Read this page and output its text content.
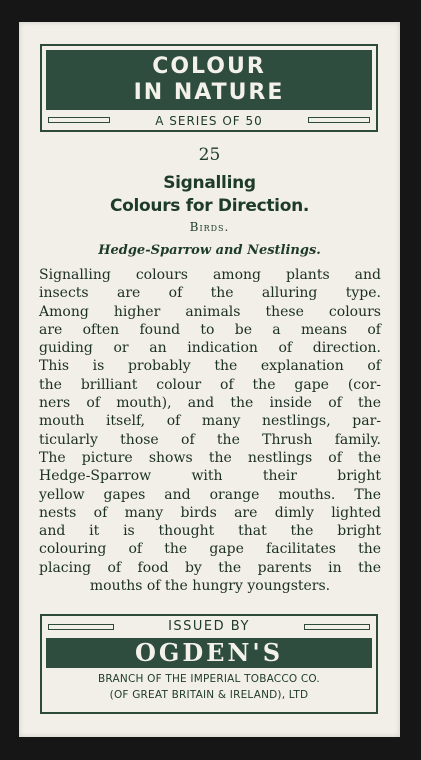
COLOUR
IN NATURE
A SERIES OF 50
25
Signalling
Colours for Direction.
Birds.
Hedge-Sparrow and Nestlings.
Signalling colours among plants and
insects are of the alluring type.
Among higher animals these colours
are often found to be a means of
guiding or an indication of direction.
This is probably the explanation of
the brilliant colour of the gape (cor-
ners of mouth), and the inside of the
mouth itself, of many nestlings, par-
ticularly those of the Thrush family.
The picture shows the nestlings of the
Hedge-Sparrow with their bright
yellow gapes and orange mouths. The
nests of many birds are dimly lighted
and it is thought that the bright
colouring of the gape facilitates the
placing of food by the parents in the
mouths of the hungry youngsters.
ISSUED BY
OGDEN'S
BRANCH OF THE IMPERIAL TOBACCO CO.
(OF GREAT BRITAIN & IRELAND), LTD
